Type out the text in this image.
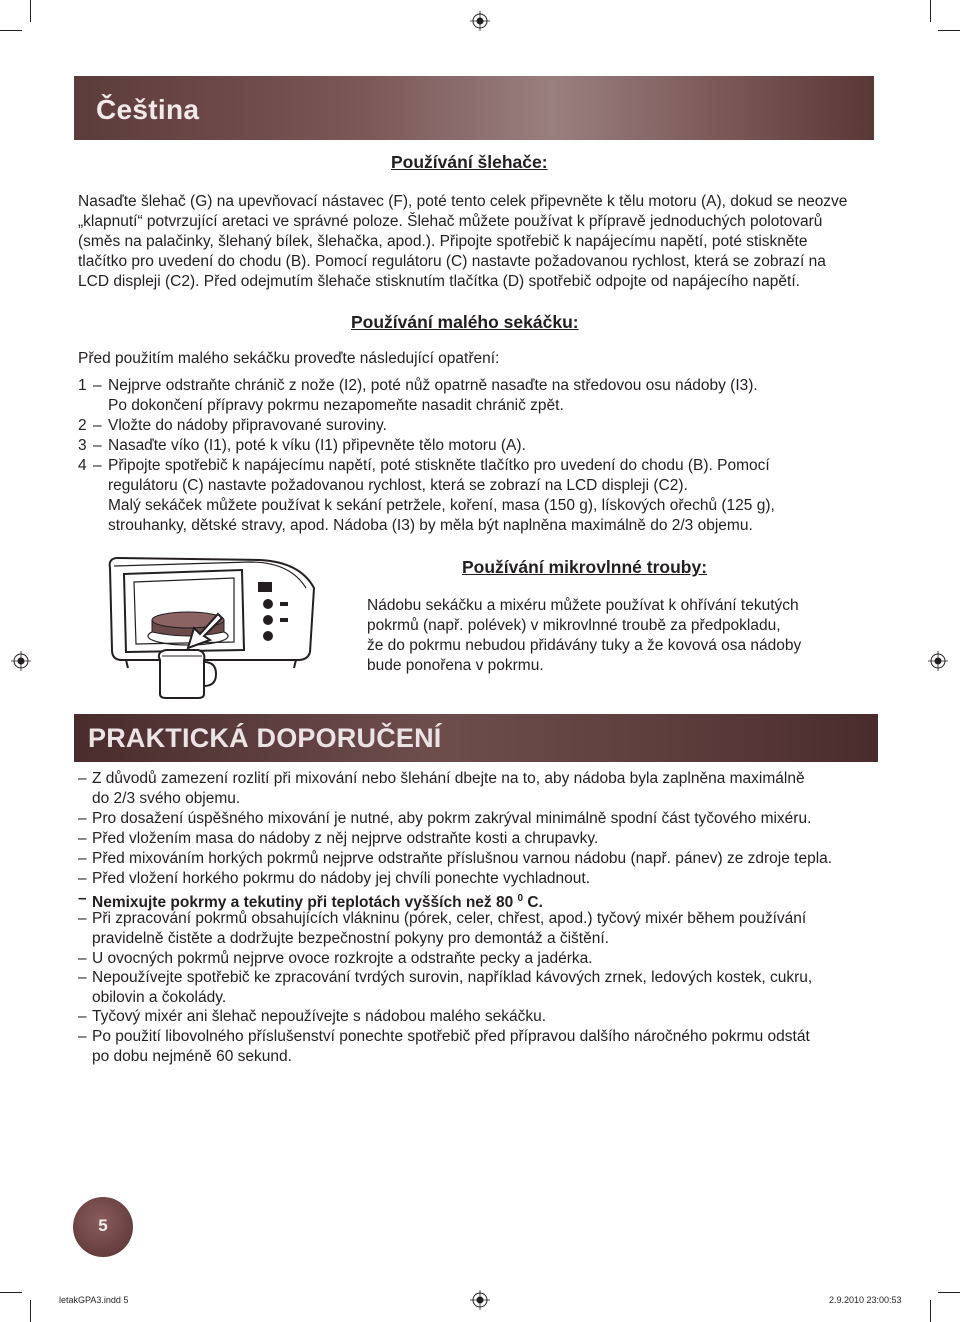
Čeština
Používání šlehače:
Nasaďte šlehač (G) na upevňovací nástavec (F), poté tento celek připevněte k tělu motoru (A), dokud se neozve
„klapnutí“ potvrzující aretaci ve správné poloze. Šlehač můžete používat k přípravě jednoduchých polotovarů
(směs na palačinky, šlehaný bílek, šlehačka, apod.). Připojte spotřebič k napájecímu napětí, poté stiskněte
tlačítko pro uvedení do chodu (B). Pomocí regulátoru (C) nastavte požadovanou rychlost, která se zobrazí na
LCD displeji (C2). Před odejmutím šlehače stisknutím tlačítka (D) spotřebič odpojte od napájecího napětí.
Používání malého sekáčku:
Před použitím malého sekáčku proveďte následující opatření:
1 – Nejprve odstraňte chránič z nože (I2), poté nůž opatrně nasaďte na středovou osu nádoby (I3).
Po dokončení přípravy pokrmu nezapomeňte nasadit chránič zpět.
2 – Vložte do nádoby připravované suroviny.
3 – Nasaďte víko (I1), poté k víku (I1) připevněte tělo motoru (A).
4 – Připojte spotřebič k napájecímu napětí, poté stiskněte tlačítko pro uvedení do chodu (B). Pomocí
regulátoru (C) nastavte požadovanou rychlost, která se zobrazí na LCD displeji (C2).
Malý sekáček můžete používat k sekání petržele, koření, masa (150 g), lískových ořechů (125 g),
strouhanky, dětské stravy, apod. Nádoba (I3) by měla být naplněna maximálně do 2/3 objemu.
Používání mikrovlnné trouby:
Nádobu sekáčku a mixéru můžete používat k ohřívání tekutých
pokrmů (např. polévek) v mikrovlnné troubě za předpokladu,
že do pokrmu nebudou přidávány tuky a že kovová osa nádoby
bude ponořena v pokrmu.
PRAKTICKÁ DOPORUČENÍ
– Z důvodů zamezení rozlití při mixování nebo šlehání dbejte na to, aby nádoba byla zaplněna maximálně
do 2/3 svého objemu.
– Pro dosažení úspěšného mixování je nutné, aby pokrm zakrýval minimálně spodní část tyčového mixéru.
– Před vložením masa do nádoby z něj nejprve odstraňte kosti a chrupavky.
– Před mixováním horkých pokrmů nejprve odstraňte příslušnou varnou nádobu (např. pánev) ze zdroje tepla.
– Před vložení horkého pokrmu do nádoby jej chvíli ponechte vychladnout.
– Nemixujte pokrmy a tekutiny při teplotách vyšších než 80 $^0$ C.
– Při zpracování pokrmů obsahujících vlákninu (pórek, celer, chřest, apod.) tyčový mixér během používání
pravidelně čistěte a dodržujte bezpečnostní pokyny pro demontáž a čištění.
– U ovocných pokrmů nejprve ovoce rozkrojte a odstraňte pecky a jadérka.
– Nepoužívejte spotřebič ke zpracování tvrdých surovin, například kávových zrnek, ledových kostek, cukru,
obilovin a čokolády.
– Tyčový mixér ani šlehač nepoužívejte s nádobou malého sekáčku.
– Po použití libovolného příslušenství ponechte spotřebič před přípravou dalšího náročného pokrmu odstát
po dobu nejméně 60 sekund.
5
letakGPA3.indd 5	2.9.2010 23:00:53
